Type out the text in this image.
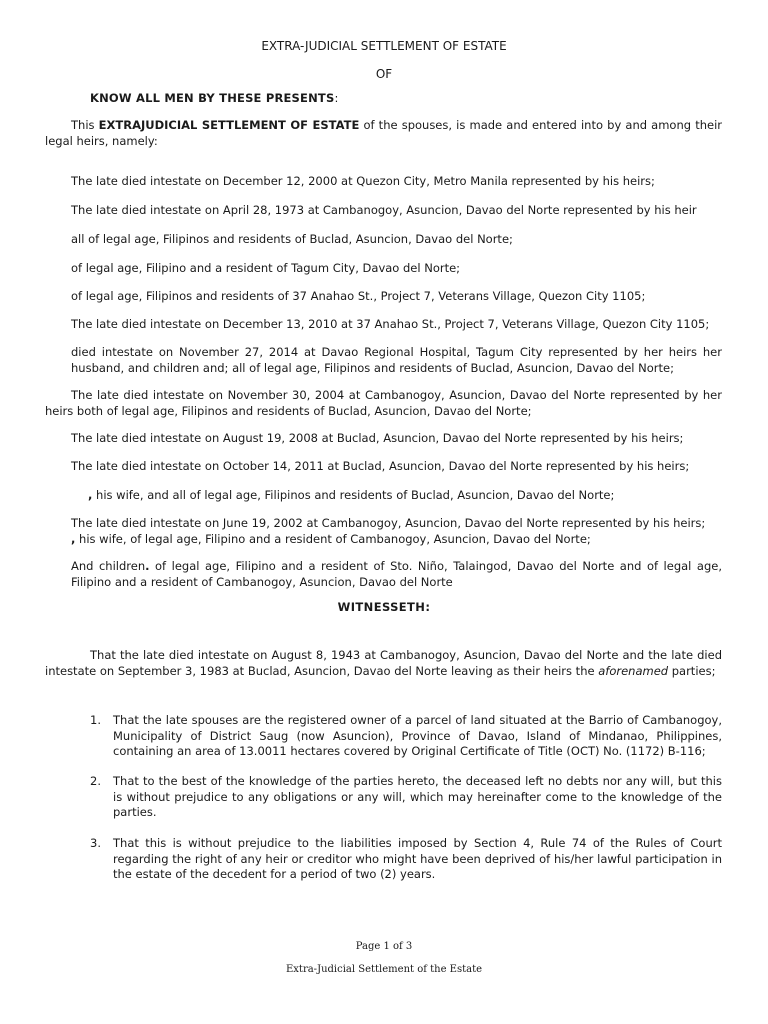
EXTRA-JUDICIAL SETTLEMENT OF ESTATE
OF
KNOW ALL MEN BY THESE PRESENTS:
This EXTRAJUDICIAL SETTLEMENT OF ESTATE of the spouses, is made and entered into by and among their legal heirs, namely:
The late died intestate on December 12, 2000 at Quezon City, Metro Manila represented by his heirs;
The late died intestate on April 28, 1973 at Cambanogoy, Asuncion, Davao del Norte represented by his heir
all of legal age, Filipinos and residents of Buclad, Asuncion, Davao del Norte;
of legal age, Filipino and a resident of Tagum City, Davao del Norte;
of legal age, Filipinos and residents of 37 Anahao St., Project 7, Veterans Village, Quezon City 1105;
The late died intestate on December 13, 2010 at 37 Anahao St., Project 7, Veterans Village, Quezon City 1105;
died intestate on November 27, 2014 at Davao Regional Hospital, Tagum City represented by her heirs her husband, and children and; all of legal age, Filipinos and residents of Buclad, Asuncion, Davao del Norte;
The late died intestate on November 30, 2004 at Cambanogoy, Asuncion, Davao del Norte represented by her heirs both of legal age, Filipinos and residents of Buclad, Asuncion, Davao del Norte;
The late died intestate on August 19, 2008 at Buclad, Asuncion, Davao del Norte represented by his heirs;
The late died intestate on October 14, 2011 at Buclad, Asuncion, Davao del Norte represented by his heirs;
, his wife, and all of legal age, Filipinos and residents of Buclad, Asuncion, Davao del Norte;
The late died intestate on June 19, 2002 at Cambanogoy, Asuncion, Davao del Norte represented by his heirs;
, his wife, of legal age, Filipino and a resident of Cambanogoy, Asuncion, Davao del Norte;
And children. of legal age, Filipino and a resident of Sto. Niño, Talaingod, Davao del Norte and of legal age, Filipino and a resident of Cambanogoy, Asuncion, Davao del Norte
WITNESSETH:
That the late died intestate on August 8, 1943 at Cambanogoy, Asuncion, Davao del Norte and the late died intestate on September 3, 1983 at Buclad, Asuncion, Davao del Norte leaving as their heirs the aforenamed parties;
1. That the late spouses are the registered owner of a parcel of land situated at the Barrio of Cambanogoy, Municipality of District Saug (now Asuncion), Province of Davao, Island of Mindanao, Philippines, containing an area of 13.0011 hectares covered by Original Certificate of Title (OCT) No. (1172) B-116;
2. That to the best of the knowledge of the parties hereto, the deceased left no debts nor any will, but this is without prejudice to any obligations or any will, which may hereinafter come to the knowledge of the parties.
3. That this is without prejudice to the liabilities imposed by Section 4, Rule 74 of the Rules of Court regarding the right of any heir or creditor who might have been deprived of his/her lawful participation in the estate of the decedent for a period of two (2) years.
Page 1 of 3
Extra-Judicial Settlement of the Estate
